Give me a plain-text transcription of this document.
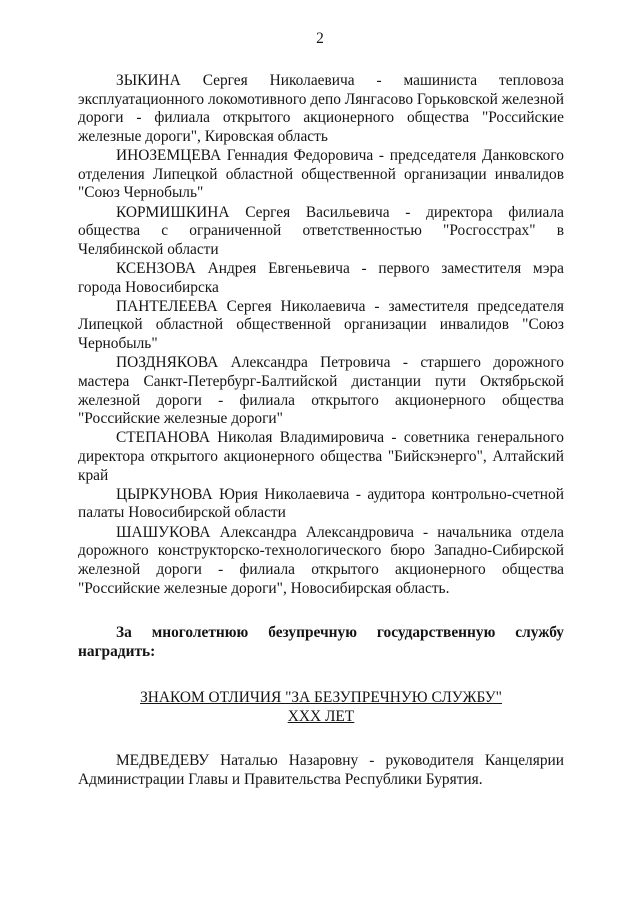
2

ЗЫКИНА Сергея Николаевича - машиниста тепловоза эксплуатационного локомотивного депо Лянгасово Горьковской железной дороги - филиала открытого акционерного общества "Российские железные дороги", Кировская область

ИНОЗЕМЦЕВА Геннадия Федоровича - председателя Данковского отделения Липецкой областной общественной организации инвалидов "Союз Чернобыль"

КОРМИШКИНА Сергея Васильевича - директора филиала общества с ограниченной ответственностью "Росгосстрах" в Челябинской области

КСЕНЗОВА Андрея Евгеньевича - первого заместителя мэра города Новосибирска

ПАНТЕЛЕЕВА Сергея Николаевича - заместителя председателя Липецкой областной общественной организации инвалидов "Союз Чернобыль"

ПОЗДНЯКОВА Александра Петровича - старшего дорожного мастера Санкт-Петербург-Балтийской дистанции пути Октябрьской железной дороги - филиала открытого акционерного общества "Российские железные дороги"

СТЕПАНОВА Николая Владимировича - советника генерального директора открытого акционерного общества "Бийскэнерго", Алтайский край

ЦЫРКУНОВА Юрия Николаевича - аудитора контрольно-счетной палаты Новосибирской области

ШАШУКОВА Александра Александровича - начальника отдела дорожного конструкторско-технологического бюро Западно-Сибирской железной дороги - филиала открытого акционерного общества "Российские железные дороги", Новосибирская область.

За многолетнюю безупречную государственную службу наградить:

ЗНАКОМ ОТЛИЧИЯ "ЗА БЕЗУПРЕЧНУЮ СЛУЖБУ"
XXX ЛЕТ

МЕДВЕДЕВУ Наталью Назаровну - руководителя Канцелярии Администрации Главы и Правительства Республики Бурятия.
